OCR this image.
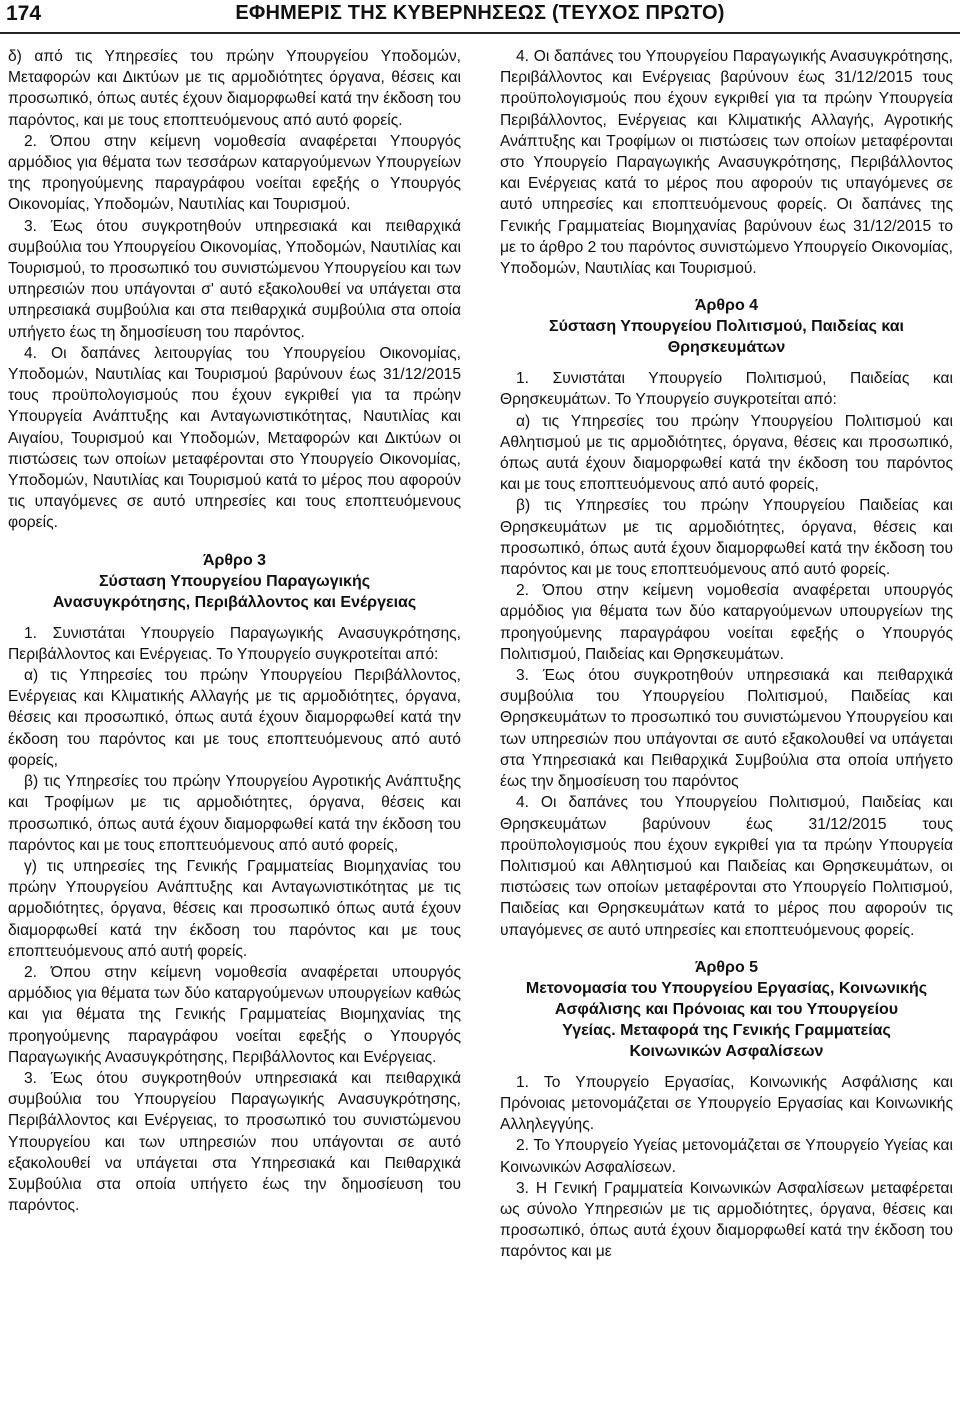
174	ΕΦΗΜΕΡΙΣ ΤΗΣ ΚΥΒΕΡΝΗΣΕΩΣ (ΤΕΥΧΟΣ ΠΡΩΤΟ)

δ) από τις Υπηρεσίες του πρώην Υπουργείου Υποδομών, Μεταφορών και Δικτύων με τις αρμοδιότητες όργανα, θέσεις και προσωπικό, όπως αυτές έχουν διαμορφωθεί κατά την έκδοση του παρόντος, και με τους εποπτευόμενους από αυτό φορείς.

2. Όπου στην κείμενη νομοθεσία αναφέρεται Υπουργός αρμόδιος για θέματα των τεσσάρων καταργούμενων Υπουργείων της προηγούμενης παραγράφου νοείται εφεξής ο Υπουργός Οικονομίας, Υποδομών, Ναυτιλίας και Τουρισμού.

3. Έως ότου συγκροτηθούν υπηρεσιακά και πειθαρχικά συμβούλια του Υπουργείου Οικονομίας, Υποδομών, Ναυτιλίας και Τουρισμού, το προσωπικό του συνιστώμενου Υπουργείου και των υπηρεσιών που υπάγονται σ' αυτό εξακολουθεί να υπάγεται στα υπηρεσιακά συμβούλια και στα πειθαρχικά συμβούλια στα οποία υπήγετο έως τη δημοσίευση του παρόντος.

4. Οι δαπάνες λειτουργίας του Υπουργείου Οικονομίας, Υποδομών, Ναυτιλίας και Τουρισμού βαρύνουν έως 31/12/2015 τους προϋπολογισμούς που έχουν εγκριθεί για τα πρώην Υπουργεία Ανάπτυξης και Ανταγωνιστικότητας, Ναυτιλίας και Αιγαίου, Τουρισμού και Υποδομών, Μεταφορών και Δικτύων οι πιστώσεις των οποίων μεταφέρονται στο Υπουργείο Οικονομίας, Υποδομών, Ναυτιλίας και Τουρισμού κατά το μέρος που αφορούν τις υπαγόμενες σε αυτό υπηρεσίες και τους εποπτευόμενους φορείς.

Άρθρο 3
Σύσταση Υπουργείου Παραγωγικής
Ανασυγκρότησης, Περιβάλλοντος και Ενέργειας

1. Συνιστάται Υπουργείο Παραγωγικής Ανασυγκρότησης, Περιβάλλοντος και Ενέργειας. Το Υπουργείο συγκροτείται από:

α) τις Υπηρεσίες του πρώην Υπουργείου Περιβάλλοντος, Ενέργειας και Κλιματικής Αλλαγής με τις αρμοδιότητες, όργανα, θέσεις και προσωπικό, όπως αυτά έχουν διαμορφωθεί κατά την έκδοση του παρόντος και με τους εποπτευόμενους από αυτό φορείς,

β) τις Υπηρεσίες του πρώην Υπουργείου Αγροτικής Ανάπτυξης και Τροφίμων με τις αρμοδιότητες, όργανα, θέσεις και προσωπικό, όπως αυτά έχουν διαμορφωθεί κατά την έκδοση του παρόντος και με τους εποπτευόμενους από αυτό φορείς,

γ) τις υπηρεσίες της Γενικής Γραμματείας Βιομηχανίας του πρώην Υπουργείου Ανάπτυξης και Ανταγωνιστικότητας με τις αρμοδιότητες, όργανα, θέσεις και προσωπικό όπως αυτά έχουν διαμορφωθεί κατά την έκδοση του παρόντος και με τους εποπτευόμενους από αυτή φορείς.

2. Όπου στην κείμενη νομοθεσία αναφέρεται υπουργός αρμόδιος για θέματα των δύο καταργούμενων υπουργείων καθώς και για θέματα της Γενικής Γραμματείας Βιομηχανίας της προηγούμενης παραγράφου νοείται εφεξής ο Υπουργός Παραγωγικής Ανασυγκρότησης, Περιβάλλοντος και Ενέργειας.

3. Έως ότου συγκροτηθούν υπηρεσιακά και πειθαρχικά συμβούλια του Υπουργείου Παραγωγικής Ανασυγκρότησης, Περιβάλλοντος και Ενέργειας, το προσωπικό του συνιστώμενου Υπουργείου και των υπηρεσιών που υπάγονται σε αυτό εξακολουθεί να υπάγεται στα Υπηρεσιακά και Πειθαρχικά Συμβούλια στα οποία υπήγετο έως την δημοσίευση του παρόντος.

4. Οι δαπάνες του Υπουργείου Παραγωγικής Ανασυγκρότησης, Περιβάλλοντος και Ενέργειας βαρύνουν έως 31/12/2015 τους προϋπολογισμούς που έχουν εγκριθεί για τα πρώην Υπουργεία Περιβάλλοντος, Ενέργειας και Κλιματικής Αλλαγής, Αγροτικής Ανάπτυξης και Τροφίμων οι πιστώσεις των οποίων μεταφέρονται στο Υπουργείο Παραγωγικής Ανασυγκρότησης, Περιβάλλοντος και Ενέργειας κατά το μέρος που αφορούν τις υπαγόμενες σε αυτό υπηρεσίες και εποπτευόμενους φορείς. Οι δαπάνες της Γενικής Γραμματείας Βιομηχανίας βαρύνουν έως 31/12/2015 το με το άρθρο 2 του παρόντος συνιστώμενο Υπουργείο Οικονομίας, Υποδομών, Ναυτιλίας και Τουρισμού.

Άρθρο 4
Σύσταση Υπουργείου Πολιτισμού, Παιδείας και
Θρησκευμάτων

1. Συνιστάται Υπουργείο Πολιτισμού, Παιδείας και Θρησκευμάτων. Το Υπουργείο συγκροτείται από:

α) τις Υπηρεσίες του πρώην Υπουργείου Πολιτισμού και Αθλητισμού με τις αρμοδιότητες, όργανα, θέσεις και προσωπικό, όπως αυτά έχουν διαμορφωθεί κατά την έκδοση του παρόντος και με τους εποπτευόμενους από αυτό φορείς,

β) τις Υπηρεσίες του πρώην Υπουργείου Παιδείας και Θρησκευμάτων με τις αρμοδιότητες, όργανα, θέσεις και προσωπικό, όπως αυτά έχουν διαμορφωθεί κατά την έκδοση του παρόντος και με τους εποπτευόμενους από αυτό φορείς.

2. Όπου στην κείμενη νομοθεσία αναφέρεται υπουργός αρμόδιος για θέματα των δύο καταργούμενων υπουργείων της προηγούμενης παραγράφου νοείται εφεξής ο Υπουργός Πολιτισμού, Παιδείας και Θρησκευμάτων.

3. Έως ότου συγκροτηθούν υπηρεσιακά και πειθαρχικά συμβούλια του Υπουργείου Πολιτισμού, Παιδείας και Θρησκευμάτων το προσωπικό του συνιστώμενου Υπουργείου και των υπηρεσιών που υπάγονται σε αυτό εξακολουθεί να υπάγεται στα Υπηρεσιακά και Πειθαρχικά Συμβούλια στα οποία υπήγετο έως την δημοσίευση του παρόντος

4. Οι δαπάνες του Υπουργείου Πολιτισμού, Παιδείας και Θρησκευμάτων βαρύνουν έως 31/12/2015 τους προϋπολογισμούς που έχουν εγκριθεί για τα πρώην Υπουργεία Πολιτισμού και Αθλητισμού και Παιδείας και Θρησκευμάτων, οι πιστώσεις των οποίων μεταφέρονται στο Υπουργείο Πολιτισμού, Παιδείας και Θρησκευμάτων κατά το μέρος που αφορούν τις υπαγόμενες σε αυτό υπηρεσίες και εποπτευόμενους φορείς.

Άρθρο 5
Μετονομασία του Υπουργείου Εργασίας, Κοινωνικής
Ασφάλισης και Πρόνοιας και του Υπουργείου
Υγείας. Μεταφορά της Γενικής Γραμματείας
Κοινωνικών Ασφαλίσεων

1. Το Υπουργείο Εργασίας, Κοινωνικής Ασφάλισης και Πρόνοιας μετονομάζεται σε Υπουργείο Εργασίας και Κοινωνικής Αλληλεγγύης.

2. Το Υπουργείο Υγείας μετονομάζεται σε Υπουργείο Υγείας και Κοινωνικών Ασφαλίσεων.

3. Η Γενική Γραμματεία Κοινωνικών Ασφαλίσεων μεταφέρεται ως σύνολο Υπηρεσιών με τις αρμοδιότητες, όργανα, θέσεις και προσωπικό, όπως αυτά έχουν διαμορφωθεί κατά την έκδοση του παρόντος και με
